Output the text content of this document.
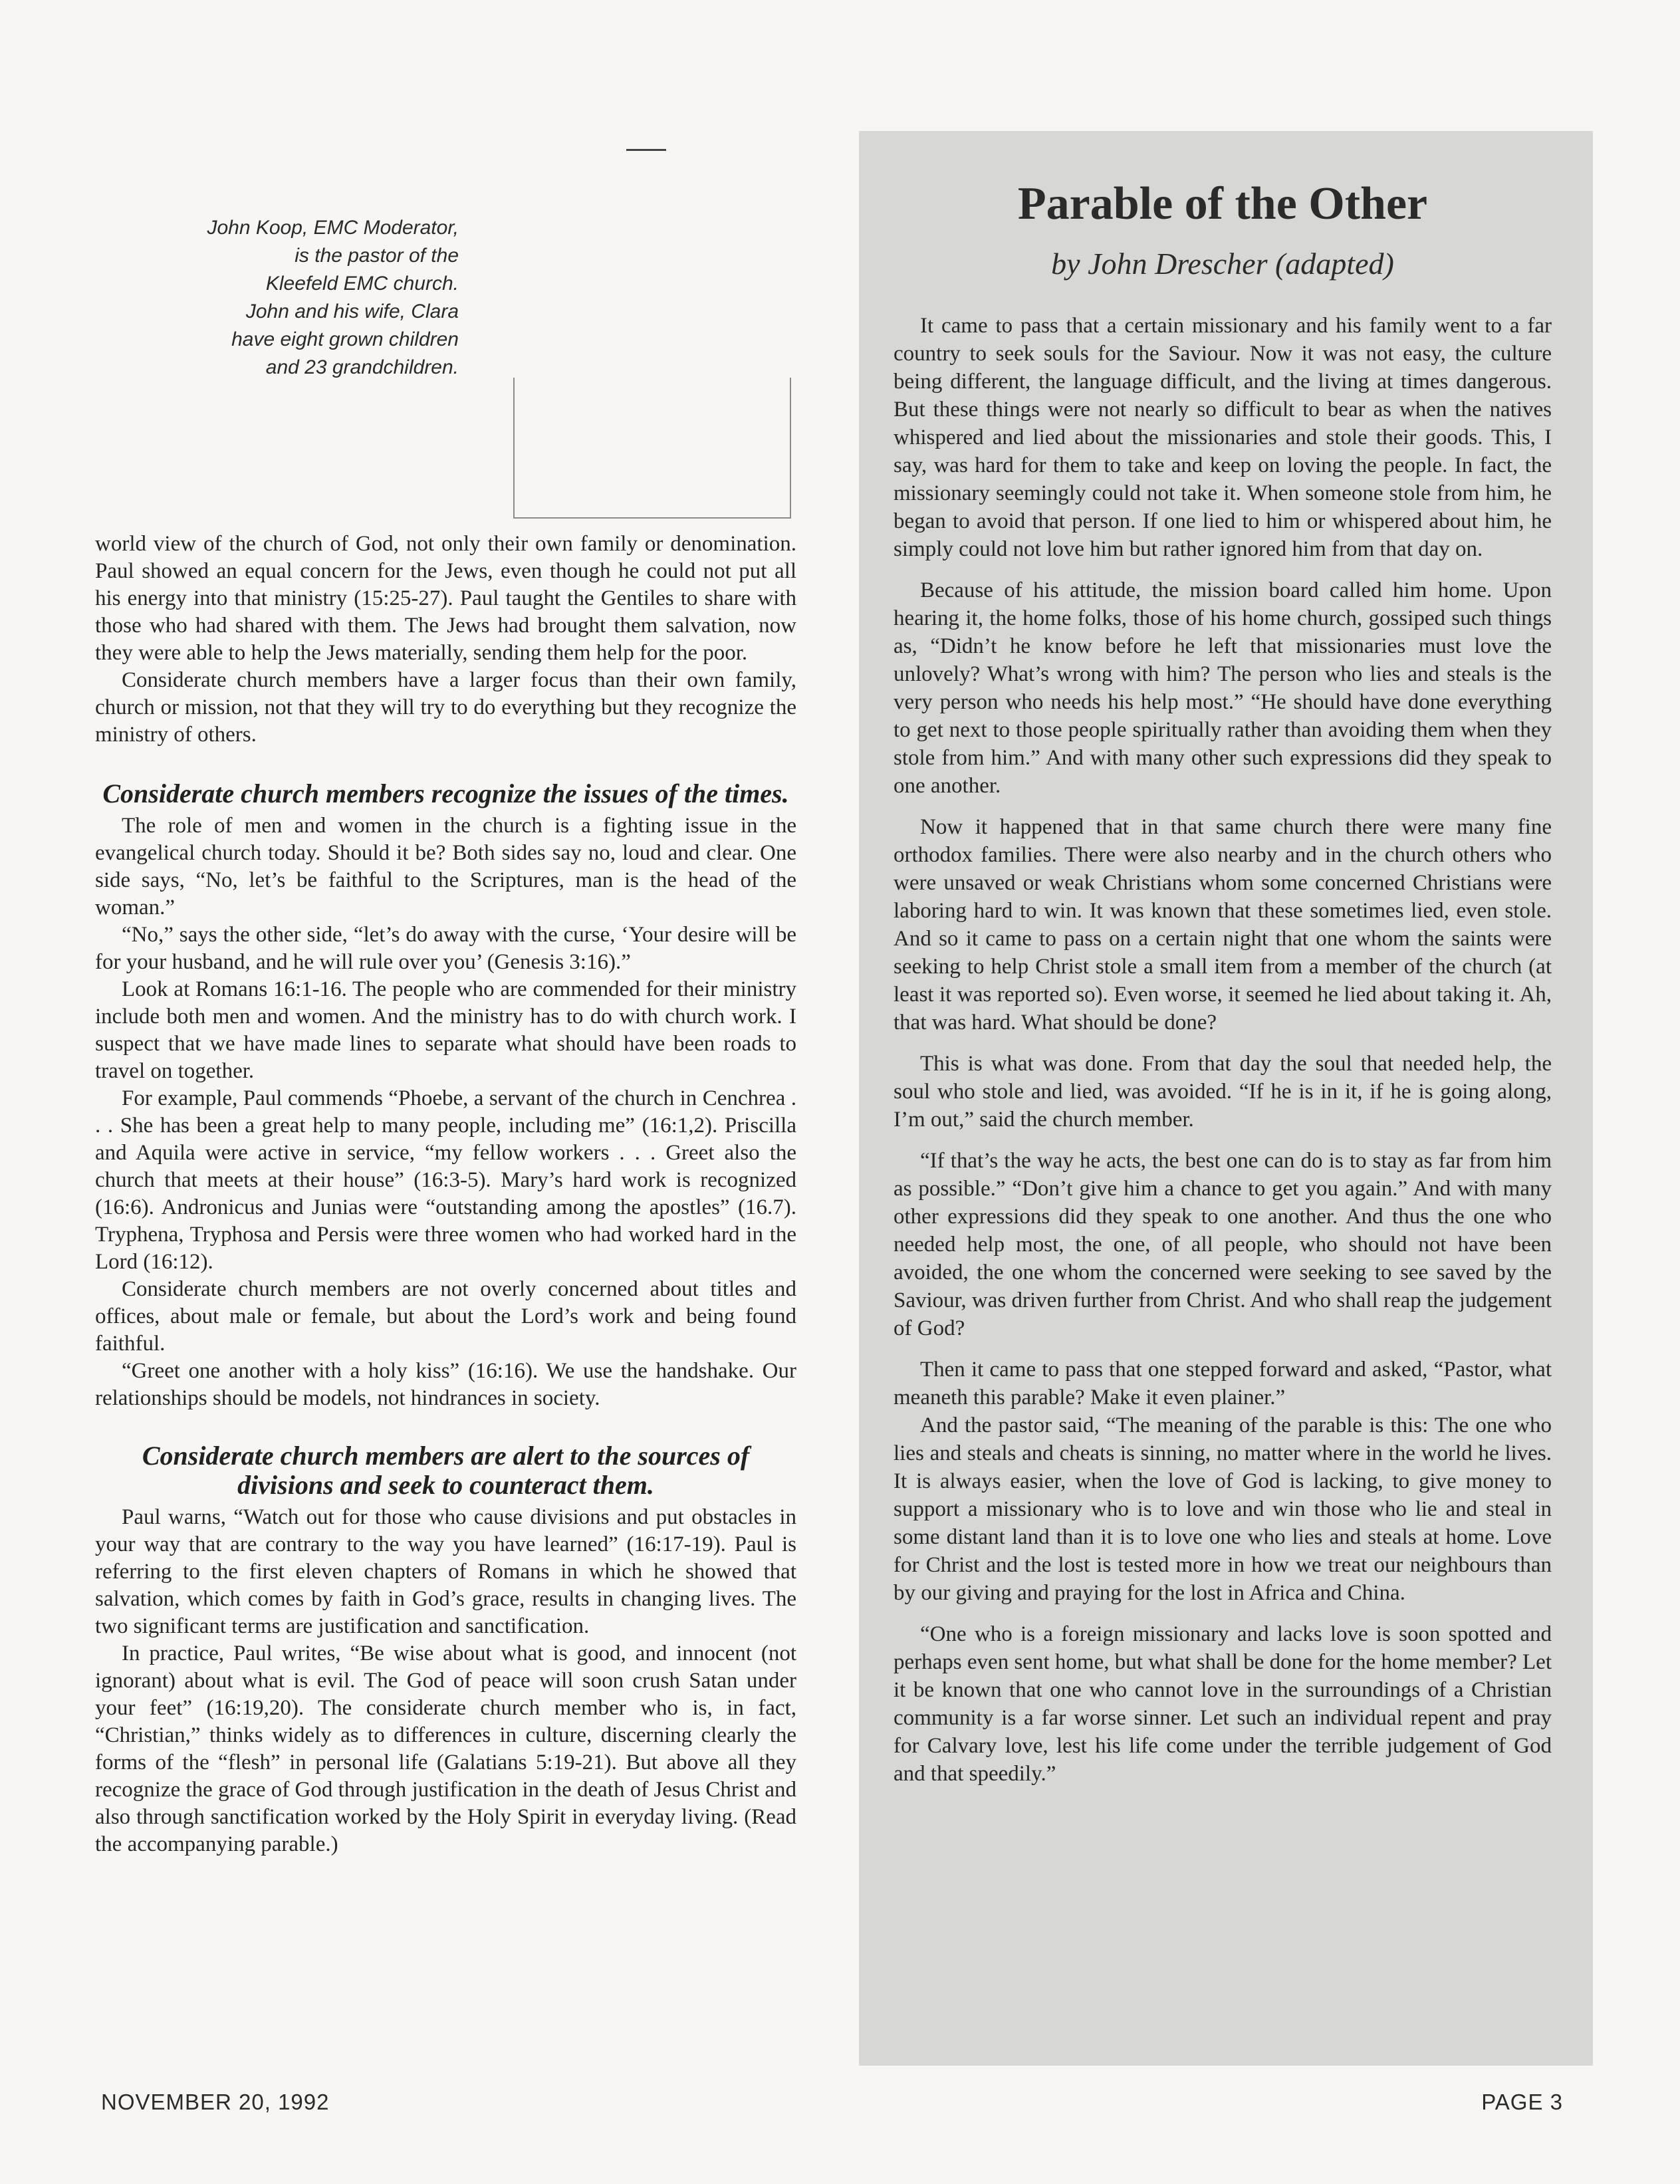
John Koop, EMC Moderator,

is the pastor of the

Kleefeld EMC church.

John and his wife, Clara

have eight grown children

and 23 grandchildren.

world view of the church of God, not only their own family or denomination. Paul showed an equal concern for the Jews, even though he could not put all his energy into that ministry (15:25-27). Paul taught the Gentiles to share with those who had shared with them. The Jews had brought them salvation, now they were able to help the Jews materially, sending them help for the poor.

Considerate church members have a larger focus than their own family, church or mission, not that they will try to do everything but they recognize the ministry of others.

Considerate church members recognize the issues of the times.

The role of men and women in the church is a fighting issue in the evangelical church today. Should it be? Both sides say no, loud and clear. One side says, “No, let’s be faithful to the Scriptures, man is the head of the woman.”

“No,” says the other side, “let’s do away with the curse, ‘Your desire will be for your husband, and he will rule over you’ (Genesis 3:16).”

Look at Romans 16:1-16. The people who are commended for their ministry include both men and women. And the ministry has to do with church work. I suspect that we have made lines to separate what should have been roads to travel on together.

For example, Paul commends “Phoebe, a servant of the church in Cenchrea . . . She has been a great help to many people, including me” (16:1,2). Priscilla and Aquila were active in service, “my fellow workers . . . Greet also the church that meets at their house” (16:3-5). Mary’s hard work is recognized (16:6). Andronicus and Junias were “outstanding among the apostles” (16.7). Tryphena, Tryphosa and Persis were three women who had worked hard in the Lord (16:12).

Considerate church members are not overly concerned about titles and offices, about male or female, but about the Lord’s work and being found faithful.

“Greet one another with a holy kiss” (16:16). We use the handshake. Our relationships should be models, not hindrances in society.

Considerate church members are alert to the sources of divisions and seek to counteract them.

Paul warns, “Watch out for those who cause divisions and put obstacles in your way that are contrary to the way you have learned” (16:17-19). Paul is referring to the first eleven chapters of Romans in which he showed that salvation, which comes by faith in God’s grace, results in changing lives. The two significant terms are justification and sanctification.

In practice, Paul writes, “Be wise about what is good, and innocent (not ignorant) about what is evil. The God of peace will soon crush Satan under your feet” (16:19,20). The considerate church member who is, in fact, “Christian,” thinks widely as to differences in culture, discerning clearly the forms of the “flesh” in personal life (Galatians 5:19-21). But above all they recognize the grace of God through justification in the death of Jesus Christ and also through sanctification worked by the Holy Spirit in everyday living. (Read the accompanying parable.)

Parable of the Other
by John Drescher (adapted)

It came to pass that a certain missionary and his family went to a far country to seek souls for the Saviour. Now it was not easy, the culture being different, the language difficult, and the living at times dangerous. But these things were not nearly so difficult to bear as when the natives whispered and lied about the missionaries and stole their goods. This, I say, was hard for them to take and keep on loving the people. In fact, the missionary seemingly could not take it. When someone stole from him, he began to avoid that person. If one lied to him or whispered about him, he simply could not love him but rather ignored him from that day on.

Because of his attitude, the mission board called him home. Upon hearing it, the home folks, those of his home church, gossiped such things as, “Didn’t he know before he left that missionaries must love the unlovely? What’s wrong with him? The person who lies and steals is the very person who needs his help most.” “He should have done everything to get next to those people spiritually rather than avoiding them when they stole from him.” And with many other such expressions did they speak to one another.

Now it happened that in that same church there were many fine orthodox families. There were also nearby and in the church others who were unsaved or weak Christians whom some concerned Christians were laboring hard to win. It was known that these sometimes lied, even stole. And so it came to pass on a certain night that one whom the saints were seeking to help Christ stole a small item from a member of the church (at least it was reported so). Even worse, it seemed he lied about taking it. Ah, that was hard. What should be done?

This is what was done. From that day the soul that needed help, the soul who stole and lied, was avoided. “If he is in it, if he is going along, I’m out,” said the church member.

“If that’s the way he acts, the best one can do is to stay as far from him as possible.” “Don’t give him a chance to get you again.” And with many other expressions did they speak to one another. And thus the one who needed help most, the one, of all people, who should not have been avoided, the one whom the concerned were seeking to see saved by the Saviour, was driven further from Christ. And who shall reap the judgement of God?

Then it came to pass that one stepped forward and asked, “Pastor, what meaneth this parable? Make it even plainer.”

And the pastor said, “The meaning of the parable is this: The one who lies and steals and cheats is sinning, no matter where in the world he lives. It is always easier, when the love of God is lacking, to give money to support a missionary who is to love and win those who lie and steal in some distant land than it is to love one who lies and steals at home. Love for Christ and the lost is tested more in how we treat our neighbours than by our giving and praying for the lost in Africa and China.

“One who is a foreign missionary and lacks love is soon spotted and perhaps even sent home, but what shall be done for the home member? Let it be known that one who cannot love in the surroundings of a Christian community is a far worse sinner. Let such an individual repent and pray for Calvary love, lest his life come under the terrible judgement of God and that speedily.”

NOVEMBER 20, 1992	PAGE 3
